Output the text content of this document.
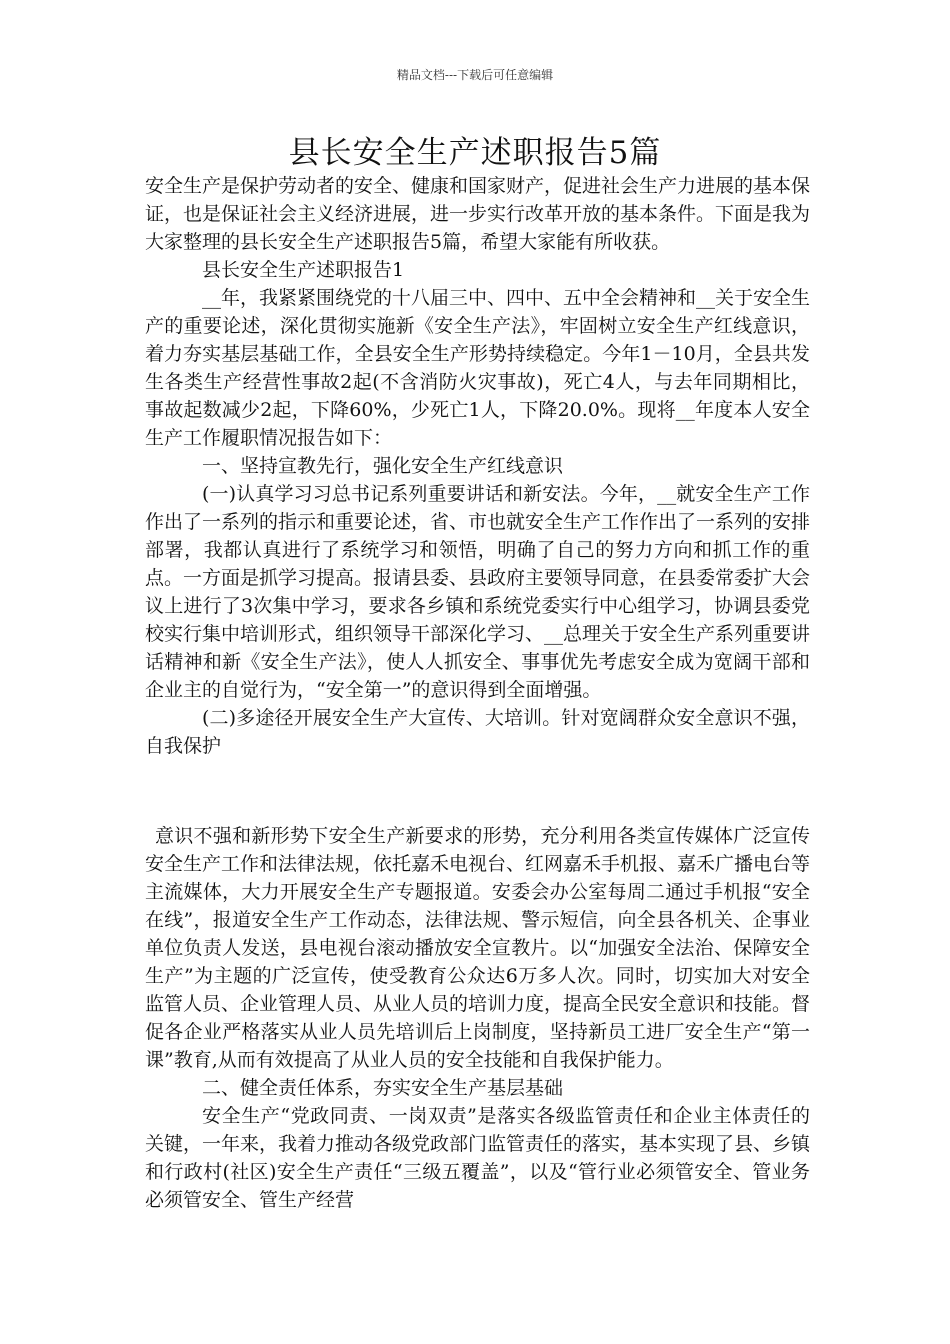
精品文档---下载后可任意编辑
县长安全生产述职报告5篇

安全生产是保护劳动者的安全、健康和国家财产，促进社会生产力进展的基本保证，也是保证社会主义经济进展，进一步实行改革开放的基本条件。下面是我为大家整理的县长安全生产述职报告5篇，希望大家能有所收获。

县长安全生产述职报告1

__年，我紧紧围绕党的十八届三中、四中、五中全会精神和__关于安全生产的重要论述，深化贯彻实施新《安全生产法》，牢固树立安全生产红线意识，着力夯实基层基础工作，全县安全生产形势持续稳定。今年1－10月，全县共发生各类生产经营性事故2起(不含消防火灾事故)，死亡4人，与去年同期相比，事故起数减少2起，下降60%，少死亡1人，下降20.0%。现将__年度本人安全生产工作履职情况报告如下：

一、坚持宣教先行，强化安全生产红线意识

(一)认真学习习总书记系列重要讲话和新安法。今年，__就安全生产工作作出了一系列的指示和重要论述，省、市也就安全生产工作作出了一系列的安排部署，我都认真进行了系统学习和领悟，明确了自己的努力方向和抓工作的重点。一方面是抓学习提高。报请县委、县政府主要领导同意，在县委常委扩大会议上进行了3次集中学习，要求各乡镇和系统党委实行中心组学习，协调县委党校实行集中培训形式，组织领导干部深化学习、__总理关于安全生产系列重要讲话精神和新《安全生产法》，使人人抓安全、事事优先考虑安全成为宽阔干部和企业主的自觉行为，“安全第一”的意识得到全面增强。

(二)多途径开展安全生产大宣传、大培训。针对宽阔群众安全意识不强，自我保护

意识不强和新形势下安全生产新要求的形势，充分利用各类宣传媒体广泛宣传安全生产工作和法律法规，依托嘉禾电视台、红网嘉禾手机报、嘉禾广播电台等主流媒体，大力开展安全生产专题报道。安委会办公室每周二通过手机报“安全在线”，报道安全生产工作动态，法律法规、警示短信，向全县各机关、企事业单位负责人发送，县电视台滚动播放安全宣教片。以“加强安全法治、保障安全生产”为主题的广泛宣传，使受教育公众达6万多人次。同时，切实加大对安全监管人员、企业管理人员、从业人员的培训力度，提高全民安全意识和技能。督促各企业严格落实从业人员先培训后上岗制度，坚持新员工进厂安全生产“第一课”教育,从而有效提高了从业人员的安全技能和自我保护能力。

二、健全责任体系，夯实安全生产基层基础

安全生产“党政同责、一岗双责”是落实各级监管责任和企业主体责任的关键，一年来，我着力推动各级党政部门监管责任的落实，基本实现了县、乡镇和行政村(社区)安全生产责任“三级五覆盖”，以及“管行业必须管安全、管业务必须管安全、管生产经营
